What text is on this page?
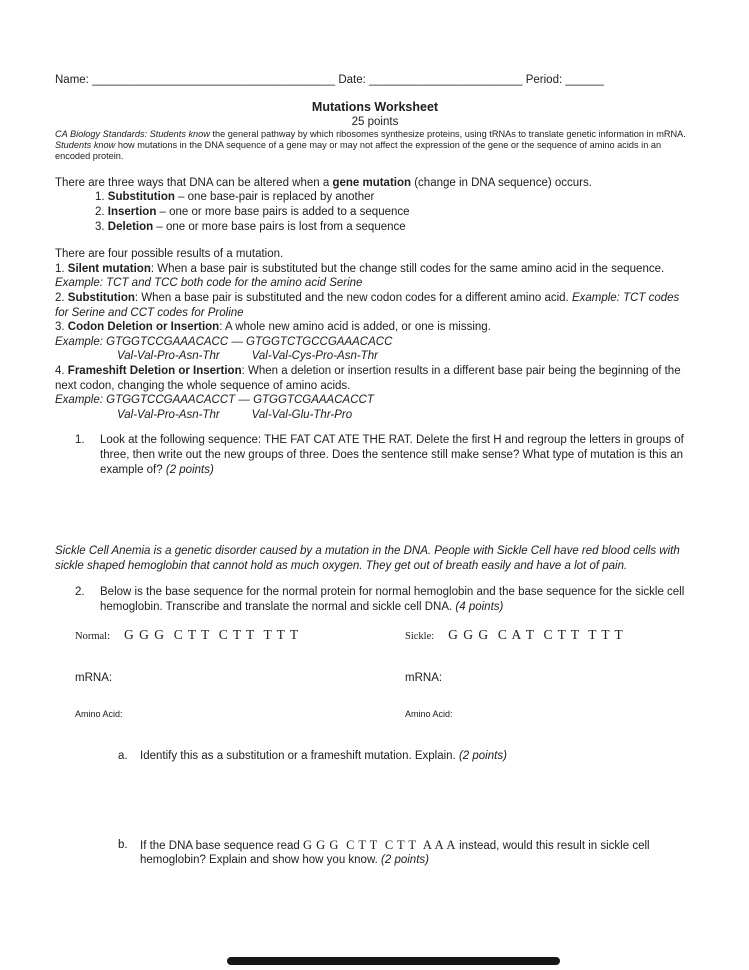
Name: ______________________________________ Date: ________________________ Period: ______

Mutations Worksheet

25 points

CA Biology Standards: Students know the general pathway by which ribosomes synthesize proteins, using tRNAs to translate genetic information in mRNA. Students know how mutations in the DNA sequence of a gene may or may not affect the expression of the gene or the sequence of amino acids in an encoded protein.

There are three ways that DNA can be altered when a gene mutation (change in DNA sequence) occurs.

1. Substitution – one base-pair is replaced by another
2. Insertion – one or more base pairs is added to a sequence
3. Deletion – one or more base pairs is lost from a sequence

There are four possible results of a mutation.

1. Silent mutation: When a base pair is substituted but the change still codes for the same amino acid in the sequence. Example: TCT and TCC both code for the amino acid Serine
2. Substitution: When a base pair is substituted and the new codon codes for a different amino acid. Example: TCT codes for Serine and CCT codes for Proline
3. Codon Deletion or Insertion: A whole new amino acid is added, or one is missing.
Example: GTGGTCCGAAACACC — GTGGTCTGCCGAAACACC
Val-Val-Pro-Asn-Thr          Val-Val-Cys-Pro-Asn-Thr
4. Frameshift Deletion or Insertion: When a deletion or insertion results in a different base pair being the beginning of the next codon, changing the whole sequence of amino acids.
Example: GTGGTCCGAAACACCT — GTGGTCGAAACACCT
Val-Val-Pro-Asn-Thr          Val-Val-Glu-Thr-Pro
1.	Look at the following sequence: THE FAT CAT ATE THE RAT. Delete the first H and regroup the letters in groups of three, then write out the new groups of three. Does the sentence still make sense? What type of mutation is this an example of? (2 points)

Sickle Cell Anemia is a genetic disorder caused by a mutation in the DNA. People with Sickle Cell have red blood cells with sickle shaped hemoglobin that cannot hold as much oxygen. They get out of breath easily and have a lot of pain.

2.	Below is the base sequence for the normal protein for normal hemoglobin and the base sequence for the sickle cell hemoglobin. Transcribe and translate the normal and sickle cell DNA. (4 points)
Normal: G G G  C T T  C T T  T T T
mRNA:
Amino Acid:
Sickle: G G G  C A T  C T T  T T T
mRNA:
Amino Acid:
a.	Identify this as a substitution or a frameshift mutation. Explain. (2 points)
b.	If the DNA base sequence read G G G  C T T  C T T  A A A instead, would this result in sickle cell hemoglobin? Explain and show how you know. (2 points)
